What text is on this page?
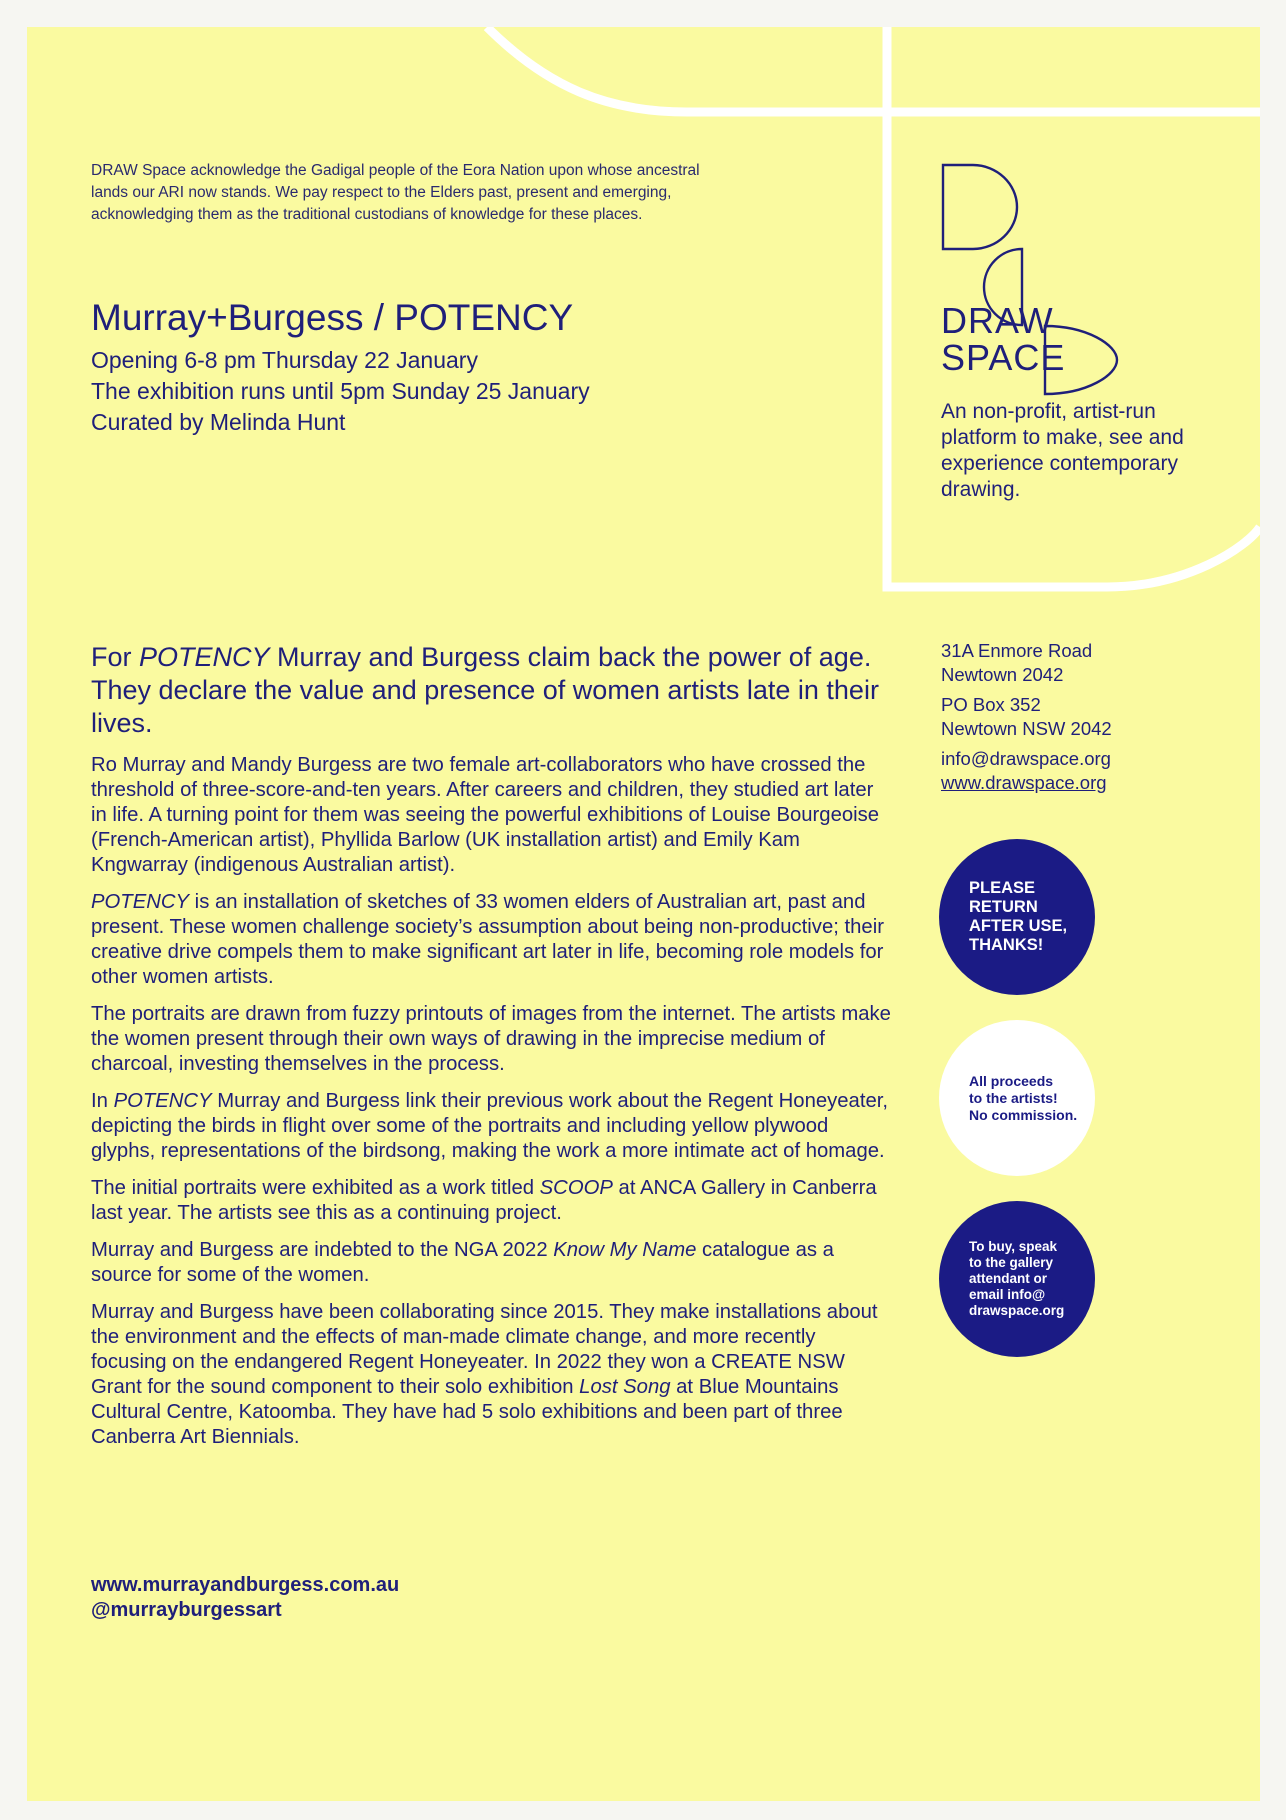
DRAW Space acknowledge the Gadigal people of the Eora Nation upon whose ancestral
lands our ARI now stands. We pay respect to the Elders past, present and emerging,
acknowledging them as the traditional custodians of knowledge for these places.

Murray+Burgess / POTENCY
Opening 6-8 pm Thursday 22 January
The exhibition runs until 5pm Sunday 25 January
Curated by Melinda Hunt

DRAW
SPACE

An non-profit, artist-run platform to make, see and experience contemporary drawing.

31A Enmore Road
Newtown 2042
PO Box 352
Newtown NSW 2042
info@drawspace.org
www.drawspace.org

For POTENCY Murray and Burgess claim back the power of age. They declare the value and presence of women artists late in their lives.

Ro Murray and Mandy Burgess are two female art-collaborators who have crossed the threshold of three-score-and-ten years. After careers and children, they studied art later in life. A turning point for them was seeing the powerful exhibitions of Louise Bourgeoise (French-American artist), Phyllida Barlow (UK installation artist) and Emily Kam Kngwarray (indigenous Australian artist).

POTENCY is an installation of sketches of 33 women elders of Australian art, past and present. These women challenge society’s assumption about being non-productive; their creative drive compels them to make significant art later in life, becoming role models for other women artists.

The portraits are drawn from fuzzy printouts of images from the internet. The artists make the women present through their own ways of drawing in the imprecise medium of charcoal, investing themselves in the process.

In POTENCY Murray and Burgess link their previous work about the Regent Honeyeater, depicting the birds in flight over some of the portraits and including yellow plywood glyphs, representations of the birdsong, making the work a more intimate act of homage.

The initial portraits were exhibited as a work titled SCOOP at ANCA Gallery in Canberra last year. The artists see this as a continuing project.

Murray and Burgess are indebted to the NGA 2022 Know My Name catalogue as a source for some of the women.

Murray and Burgess have been collaborating since 2015. They make installations about the environment and the effects of man-made climate change, and more recently focusing on the endangered Regent Honeyeater. In 2022 they won a CREATE NSW Grant for the sound component to their solo exhibition Lost Song at Blue Mountains Cultural Centre, Katoomba. They have had 5 solo exhibitions and been part of three Canberra Art Biennials.

www.murrayandburgess.com.au
@murrayburgessart
PLEASE
RETURN
AFTER USE,
THANKS!
All proceeds
to the artists!
No commission.
To buy, speak
to the gallery
attendant or
email info@
drawspace.org
